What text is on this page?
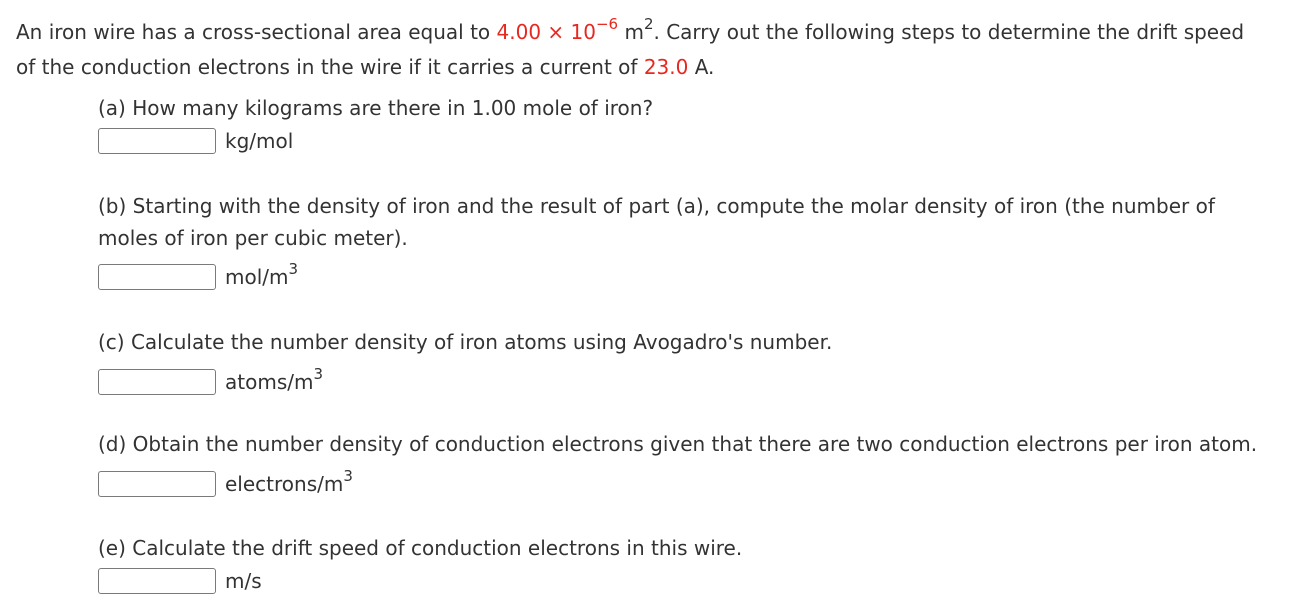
An iron wire has a cross-sectional area equal to $4.00 \times 10^{-6}$ $m^2$. Carry out the following steps to determine the drift speed
of the conduction electrons in the wire if it carries a current of 23.0 A.
(a) How many kilograms are there in 1.00 mole of iron?
kg/mol
(b) Starting with the density of iron and the result of part (a), compute the molar density of iron (the number of
moles of iron per cubic meter).
mol/$m^3$
(c) Calculate the number density of iron atoms using Avogadro's number.
atoms/$m^3$
(d) Obtain the number density of conduction electrons given that there are two conduction electrons per iron atom.
electrons/$m^3$
(e) Calculate the drift speed of conduction electrons in this wire.
m/s
